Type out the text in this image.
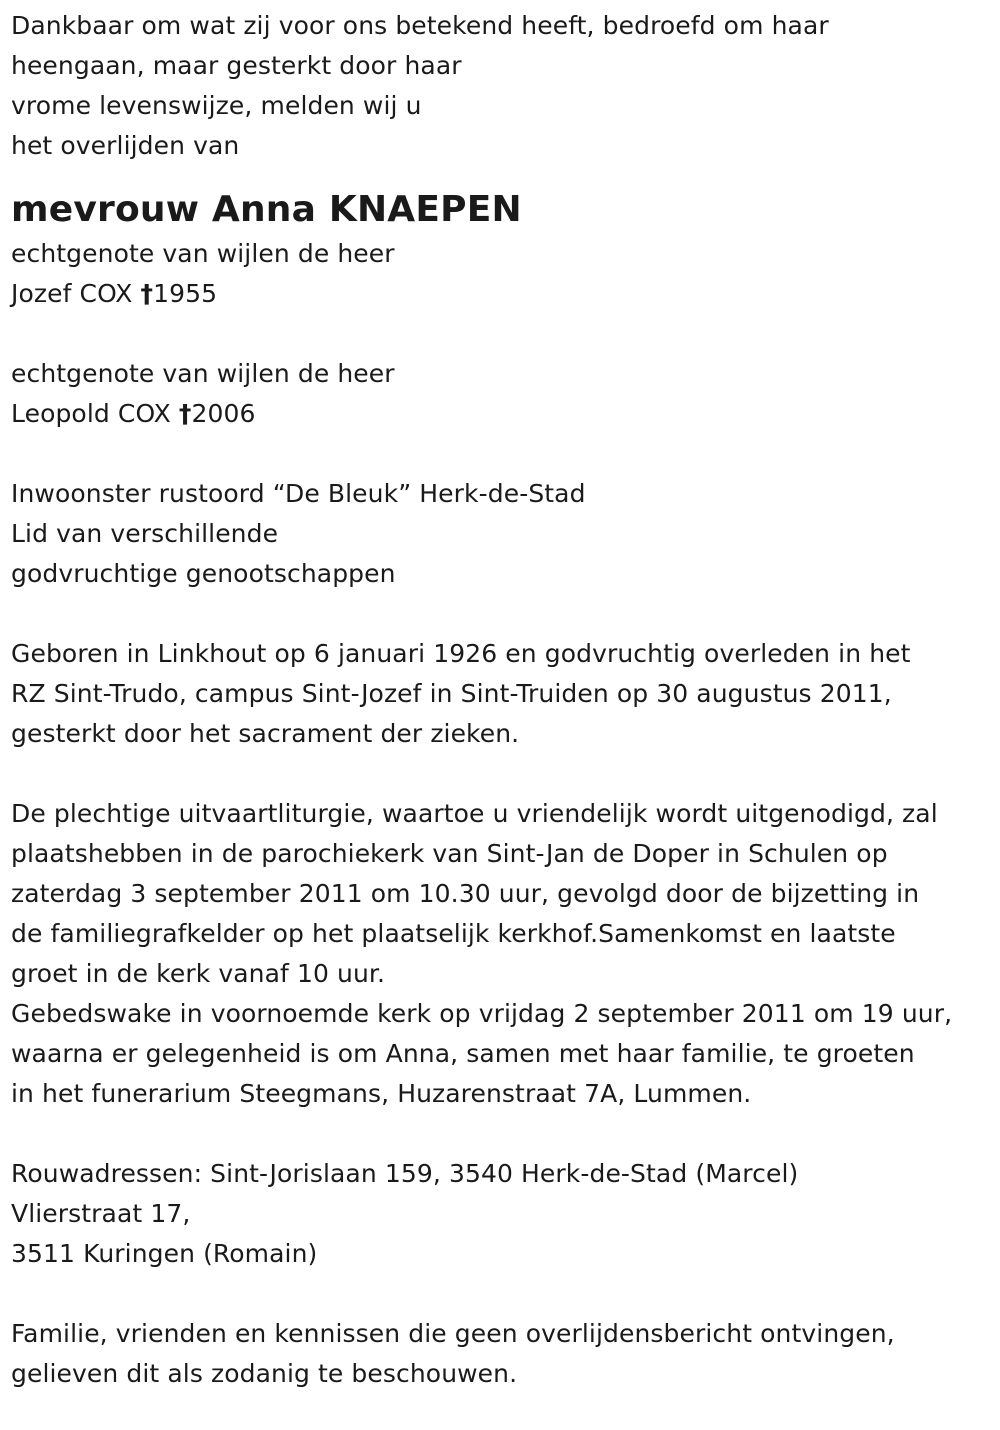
Dankbaar om wat zij voor ons betekend heeft, bedroefd om haar
heengaan, maar gesterkt door haar
vrome levenswijze, melden wij u
het overlijden van
mevrouw Anna KNAEPEN
echtgenote van wijlen de heer
Jozef COX †1955
echtgenote van wijlen de heer
Leopold COX †2006
Inwoonster rustoord “De Bleuk” Herk-de-Stad
Lid van verschillende
godvruchtige genootschappen
Geboren in Linkhout op 6 januari 1926 en godvruchtig overleden in het
RZ Sint-Trudo, campus Sint-Jozef in Sint-Truiden op 30 augustus 2011,
gesterkt door het sacrament der zieken.
De plechtige uitvaartliturgie, waartoe u vriendelijk wordt uitgenodigd, zal
plaatshebben in de parochiekerk van Sint-Jan de Doper in Schulen op
zaterdag 3 september 2011 om 10.30 uur, gevolgd door de bijzetting in
de familiegrafkelder op het plaatselijk kerkhof.Samenkomst en laatste
groet in de kerk vanaf 10 uur.
Gebedswake in voornoemde kerk op vrijdag 2 september 2011 om 19 uur,
waarna er gelegenheid is om Anna, samen met haar familie, te groeten
in het funerarium Steegmans, Huzarenstraat 7A, Lummen.
Rouwadressen: Sint-Jorislaan 159, 3540 Herk-de-Stad (Marcel)
Vlierstraat 17,
3511 Kuringen (Romain)
Familie, vrienden en kennissen die geen overlijdensbericht ontvingen,
gelieven dit als zodanig te beschouwen.
